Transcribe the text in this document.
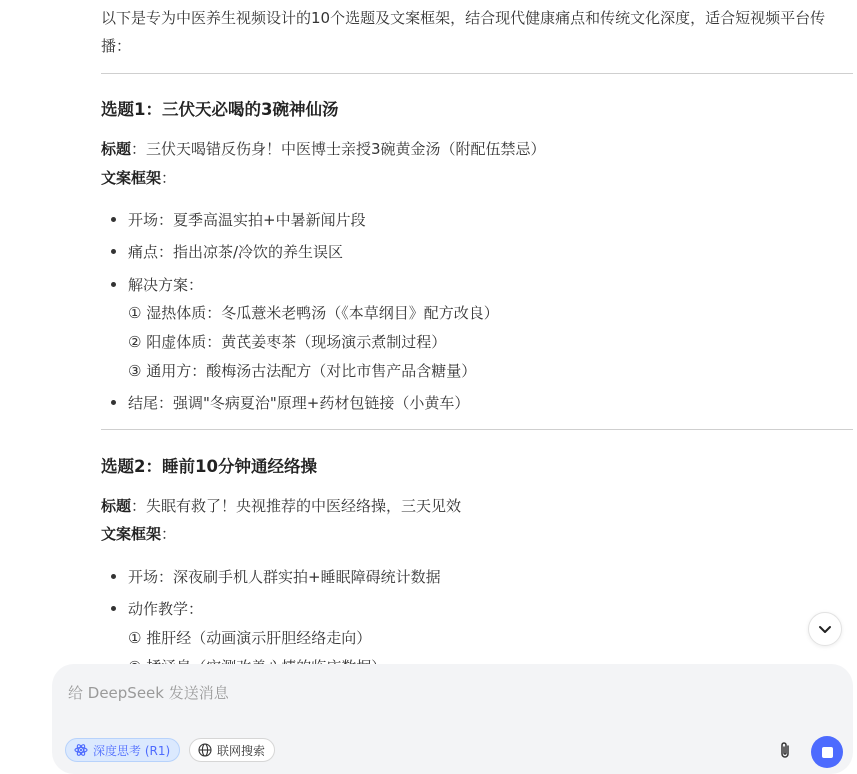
以下是专为中医养生视频设计的10个选题及文案框架，结合现代健康痛点和传统文化深度，适合短视频平台传播：
选题1：三伏天必喝的3碗神仙汤
标题：三伏天喝错反伤身！中医博士亲授3碗黄金汤（附配伍禁忌）
文案框架：
开场：夏季高温实拍+中暑新闻片段
痛点：指出凉茶/冷饮的养生误区
解决方案：
① 湿热体质：冬瓜薏米老鸭汤（《本草纲目》配方改良）
② 阳虚体质：黄芪姜枣茶（现场演示煮制过程）
③ 通用方：酸梅汤古法配方（对比市售产品含糖量）
结尾：强调"冬病夏治"原理+药材包链接（小黄车）
选题2：睡前10分钟通经络操
标题：失眠有救了！央视推荐的中医经络操，三天见效
文案框架：
开场：深夜刷手机人群实拍+睡眠障碍统计数据
动作教学：
① 推肝经（动画演示肝胆经络走向）
给 DeepSeek 发送消息
深度思考 (R1)	联网搜索
